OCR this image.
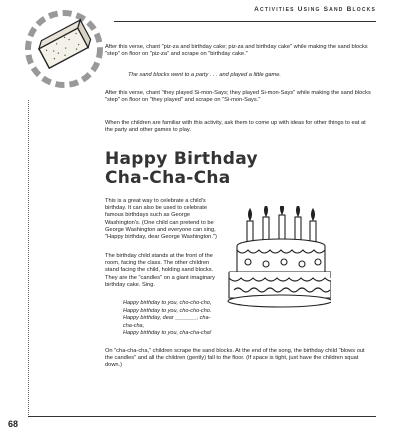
Activities Using Sand Blocks

After this verse, chant "piz-za and birthday cake; piz-za and birthday cake" while making the sand blocks "step" on floor on "piz-za" and scrape on "birthday cake."

The sand blocks went to a party . . . and played a little game.

After this verse, chant "they played Si-mon-Says; they played Si-mon-Says" while making the sand blocks "step" on floor on "they played" and scrape on "Si-mon-Says."

When the children are familiar with this activity, ask them to come up with ideas for other things to eat at the party and other games to play.

Happy Birthday
Cha-Cha-Cha

This is a great way to celebrate a child's birthday. It can also be used to celebrate famous birthdays such as George Washington's. (One child can pretend to be George Washington and everyone can sing, "Happy birthday, dear George Washington.")

The birthday child stands at the front of the room, facing the class. The other children stand facing the child, holding sand blocks. They are the "candles" on a giant imaginary birthday cake. Sing.

Happy birthday to you, cho-cho-cho,
Happy birthday to you, cho-cho-cho.
Happy birthday, dear _______, cha-
cha-cha,
Happy birthday to you, cha-cha-cha!

On "cha-cha-cha," children scrape the sand blocks. At the end of the song, the birthday child "blows out the candles" and all the children (gently) fall to the floor. (If space is tight, just have the children squat down.)

68
